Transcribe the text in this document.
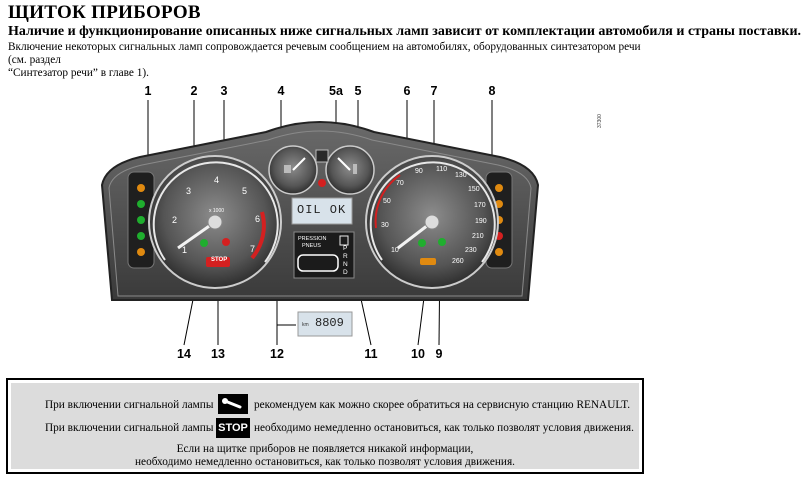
ЩИТОК ПРИБОРОВ
Наличие и функционирование описанных ниже сигнальных ламп зависит от комплектации автомобиля и страны поставки.
Включение некоторых сигнальных ламп сопровождается речевым сообщением на автомобилях, оборудованных синтезатором речи (см. раздел
“Синтезатор речи” в главе 1).
1	2	3	4	5a 5	6	7	8
14	13	12	11	10 9
37300
1
2
3
4
5
6
7
x 1000
10
30
50
70
90 110
130
150
170
190
210
230
260
OIL OK
PRESSION
PNEUS	P
R
N
D
STOP
km 8809
При включении сигнальной лампы	рекомендуем как можно скорее обратиться на сервисную станцию RENAULT.
При включении сигнальной лампы STOP необходимо немедленно остановиться, как только позволят условия движения.
Если на щитке приборов не появляется никакой информации,
необходимо немедленно остановиться, как только позволят условия движения.
